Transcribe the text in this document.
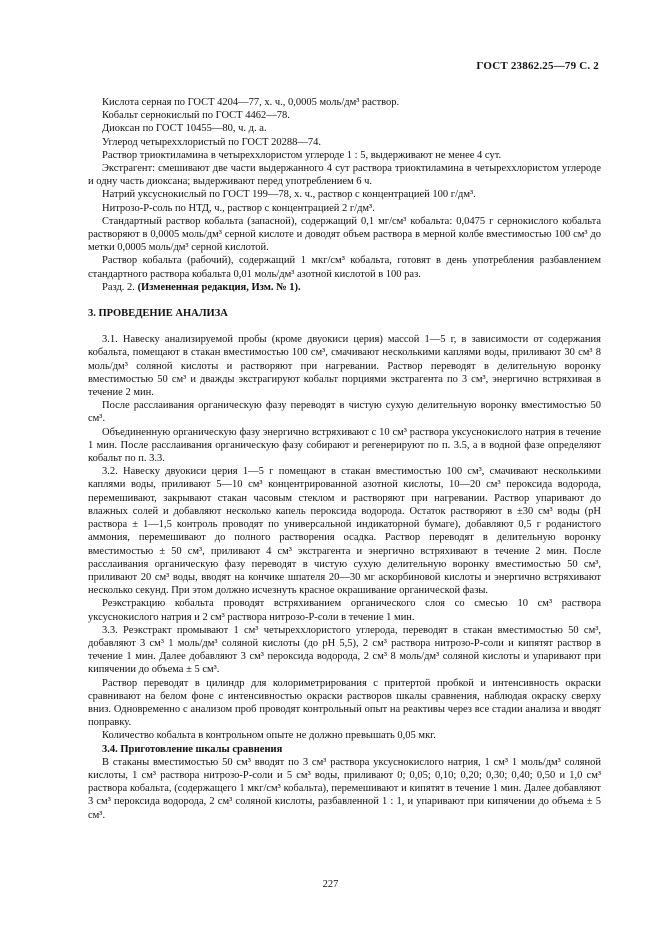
ГОСТ 23862.25—79 С. 2

Кислота серная по ГОСТ 4204—77, х. ч., 0,0005 моль/дм³ раствор.

Кобальт сернокислый по ГОСТ 4462—78.

Диоксан по ГОСТ 10455—80, ч. д. а.

Углерод четыреххлористый по ГОСТ 20288—74.

Раствор триоктиламина в четыреххлористом углероде 1 : 5, выдерживают не менее 4 сут.

Экстрагент: смешивают две части выдержанного 4 сут раствора триоктиламина в четыреххлористом углероде и одну часть диоксана; выдерживают перед употреблением 6 ч.

Натрий уксуснокислый по ГОСТ 199—78, х. ч., раствор с концентрацией 100 г/дм³.

Нитрозо-Р-соль по НТД, ч., раствор с концентрацией 2 г/дм³.

Стандартный раствор кобальта (запасной), содержащий 0,1 мг/см³ кобальта: 0,0475 г сернокислого кобальта растворяют в 0,0005 моль/дм³ серной кислоте и доводят объем раствора в мерной колбе вместимостью 100 см³ до метки 0,0005 моль/дм³ серной кислотой.

Раствор кобальта (рабочий), содержащий 1 мкг/см³ кобальта, готовят в день употребления разбавлением стандартного раствора кобальта 0,01 моль/дм³ азотной кислотой в 100 раз.

Разд. 2. (Измененная редакция, Изм. № 1).

3. ПРОВЕДЕНИЕ АНАЛИЗА

3.1. Навеску анализируемой пробы (кроме двуокиси церия) массой 1—5 г, в зависимости от содержания кобальта, помещают в стакан вместимостью 100 см³, смачивают несколькими каплями воды, приливают 30 см³ 8 моль/дм³ соляной кислоты и растворяют при нагревании. Раствор переводят в делительную воронку вместимостью 50 см³ и дважды экстрагируют кобальт порциями экстрагента по 3 см³, энергично встряхивая в течение 2 мин.

После расслаивания органическую фазу переводят в чистую сухую делительную воронку вместимостью 50 см³.

Объединенную органическую фазу энергично встряхивают с 10 см³ раствора уксуснокислого натрия в течение 1 мин. После расслаивания органическую фазу собирают и регенерируют по п. 3.5, а в водной фазе определяют кобальт по п. 3.3.

3.2. Навеску двуокиси церия 1—5 г помещают в стакан вместимостью 100 см³, смачивают несколькими каплями воды, приливают 5—10 см³ концентрированной азотной кислоты, 10—20 см³ пероксида водорода, перемешивают, закрывают стакан часовым стеклом и растворяют при нагревании. Раствор упаривают до влажных солей и добавляют несколько капель пероксида водорода. Остаток растворяют в ±30 см³ воды (рН раствора ± 1—1,5 контроль проводят по универсальной индикаторной бумаге), добавляют 0,5 г роданистого аммония, перемешивают до полного растворения осадка. Раствор переводят в делительную воронку вместимостью ± 50 см³, приливают 4 см³ экстрагента и энергично встряхивают в течение 2 мин. После расслаивания органическую фазу переводят в чистую сухую делительную воронку вместимостью 50 см³, приливают 20 см³ воды, вводят на кончике шпателя 20—30 мг аскорбиновой кислоты и энергично встряхивают несколько секунд. При этом должно исчезнуть красное окрашивание органической фазы.

Реэкстракцию кобальта проводят встряхиванием органического слоя со смесью 10 см³ раствора уксуснокислого натрия и 2 см³ раствора нитрозо-Р-соли в течение 1 мин.

3.3. Реэкстракт промывают 1 см³ четыреххлористого углерода, переводят в стакан вместимостью 50 см³, добавляют 3 см³ 1 моль/дм³ соляной кислоты (до рН 5,5), 2 см³ раствора нитрозо-Р-соли и кипятят раствор в течение 1 мин. Далее добавляют 3 см³ пероксида водорода, 2 см³ 8 моль/дм³ соляной кислоты и упаривают при кипячении до объема ± 5 см³.

Раствор переводят в цилиндр для колориметрирования с притертой пробкой и интенсивность окраски сравнивают на белом фоне с интенсивностью окраски растворов шкалы сравнения, наблюдая окраску сверху вниз. Одновременно с анализом проб проводят контрольный опыт на реактивы через все стадии анализа и вводят поправку.

Количество кобальта в контрольном опыте не должно превышать 0,05 мкг.

3.4. Приготовление шкалы сравнения

В стаканы вместимостью 50 см³ вводят по 3 см³ раствора уксуснокислого натрия, 1 см³ 1 моль/дм³ соляной кислоты, 1 см³ раствора нитрозо-Р-соли и 5 см³ воды, приливают 0; 0,05; 0,10; 0,20; 0,30; 0,40; 0,50 и 1,0 см³ раствора кобальта, (содержащего 1 мкг/см³ кобальта), перемешивают и кипятят в течение 1 мин. Далее добавляют 3 см³ пероксида водорода, 2 см³ соляной кислоты, разбавленной 1 : 1, и упаривают при кипячении до объема ± 5 см³.

227
